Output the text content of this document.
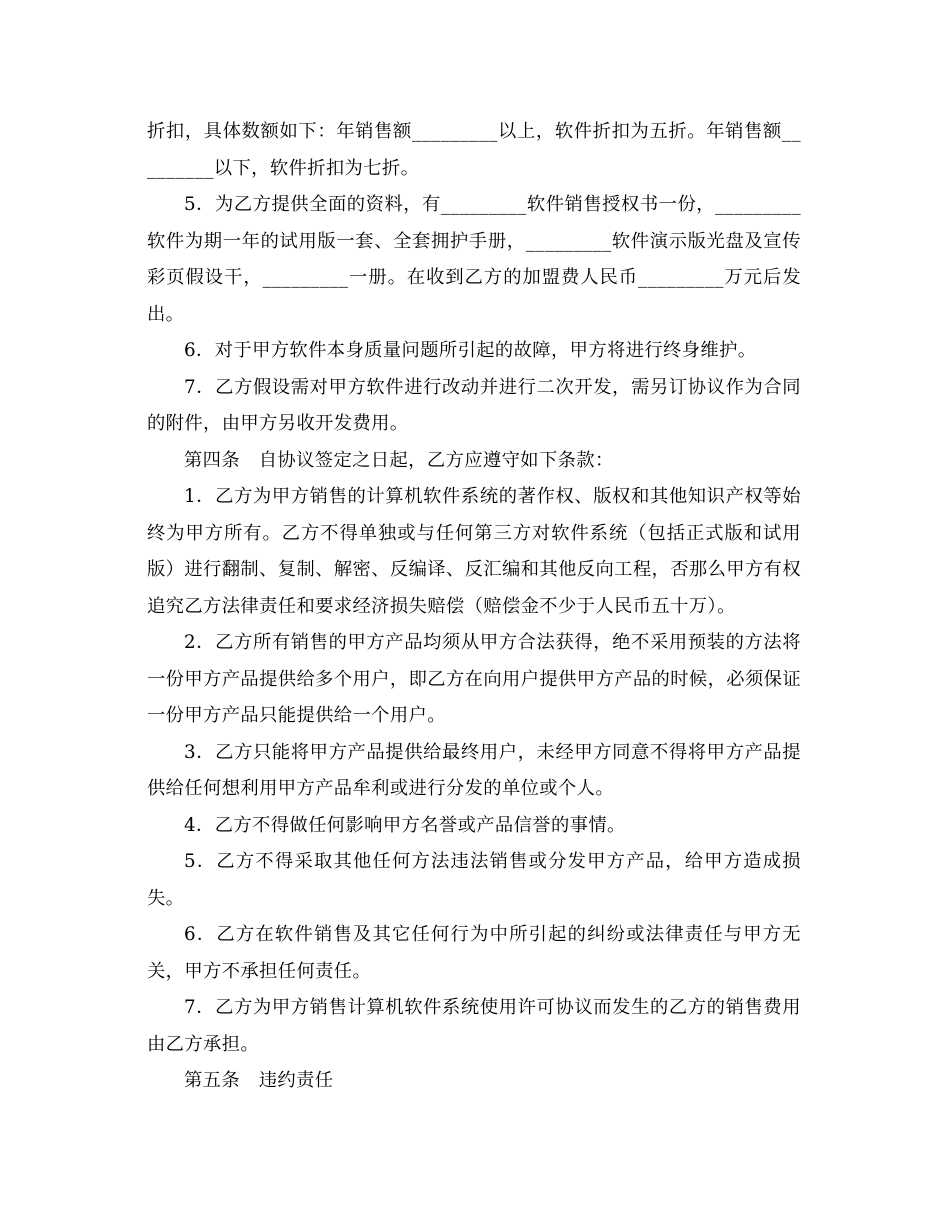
折扣，具体数额如下：年销售额_________以上，软件折扣为五折。年销售额_________以下，软件折扣为七折。

5．为乙方提供全面的资料，有_________软件销售授权书一份，_________软件为期一年的试用版一套、全套拥护手册，_________软件演示版光盘及宣传彩页假设干，_________一册。在收到乙方的加盟费人民币_________万元后发出。

6．对于甲方软件本身质量问题所引起的故障，甲方将进行终身维护。

7．乙方假设需对甲方软件进行改动并进行二次开发，需另订协议作为合同的附件，由甲方另收开发费用。

第四条　自协议签定之日起，乙方应遵守如下条款：

1．乙方为甲方销售的计算机软件系统的著作权、版权和其他知识产权等始终为甲方所有。乙方不得单独或与任何第三方对软件系统（包括正式版和试用版）进行翻制、复制、解密、反编译、反汇编和其他反向工程，否那么甲方有权追究乙方法律责任和要求经济损失赔偿（赔偿金不少于人民币五十万）。

2．乙方所有销售的甲方产品均须从甲方合法获得，绝不采用预装的方法将一份甲方产品提供给多个用户，即乙方在向用户提供甲方产品的时候，必须保证一份甲方产品只能提供给一个用户。

3．乙方只能将甲方产品提供给最终用户，未经甲方同意不得将甲方产品提供给任何想利用甲方产品牟利或进行分发的单位或个人。

4．乙方不得做任何影响甲方名誉或产品信誉的事情。

5．乙方不得采取其他任何方法违法销售或分发甲方产品，给甲方造成损失。

6．乙方在软件销售及其它任何行为中所引起的纠纷或法律责任与甲方无关，甲方不承担任何责任。

7．乙方为甲方销售计算机软件系统使用许可协议而发生的乙方的销售费用由乙方承担。

第五条　违约责任
